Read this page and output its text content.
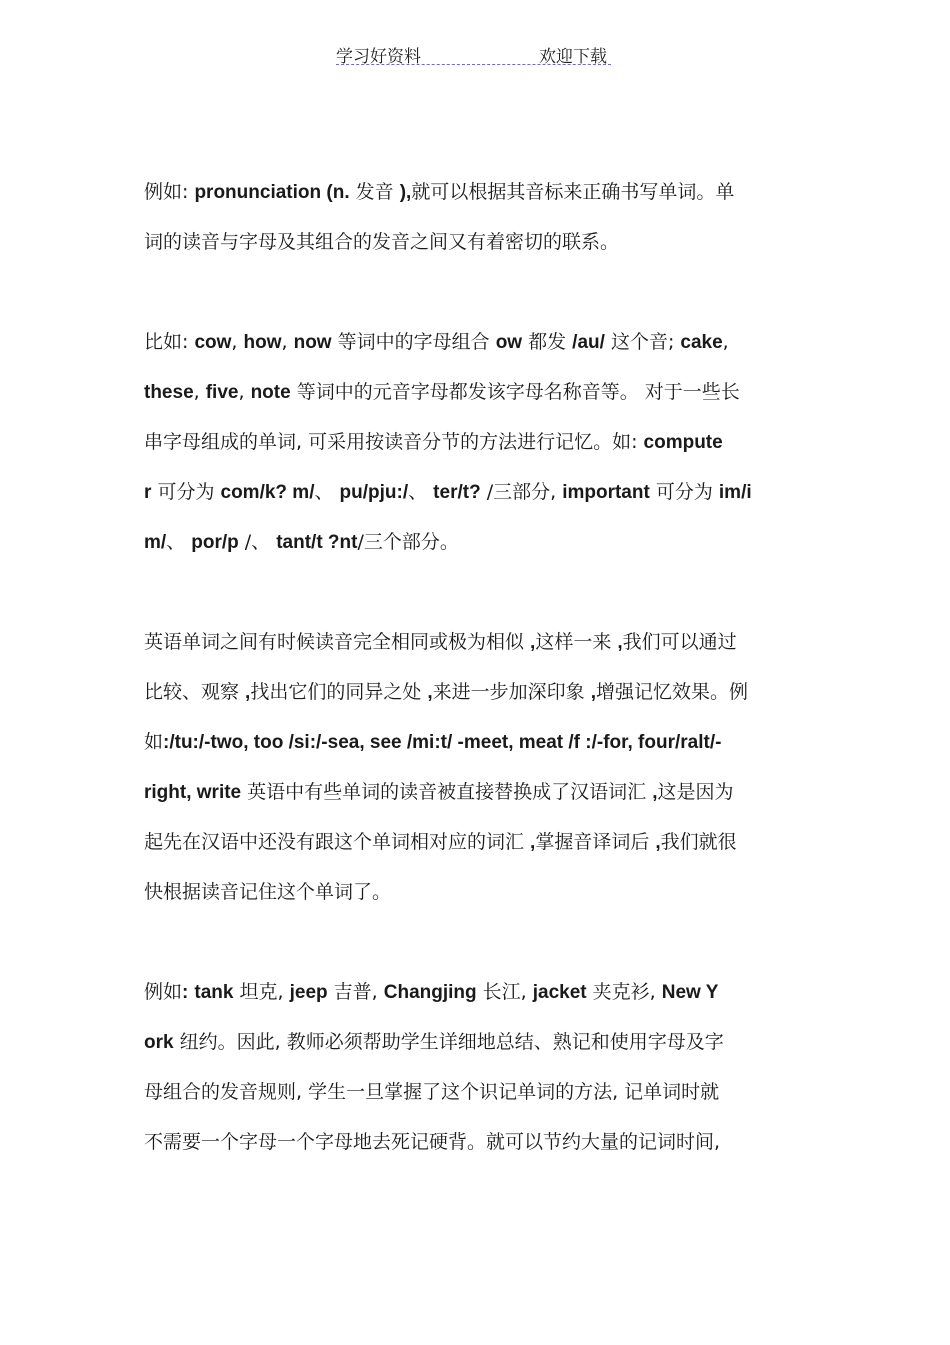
学习好资料	欢迎下载

例如: pronunciation (n. 发音 ),就可以根据其音标来正确书写单词。单
词的读音与字母及其组合的发音之间又有着密切的联系。

比如: cow, how, now 等词中的字母组合 ow 都发 /au/ 这个音; cake,
these, five, note 等词中的元音字母都发该字母名称音等。 对于一些长
串字母组成的单词, 可采用按读音分节的方法进行记忆。如: compute
r 可分为 com/k? m/、 pu/pju:/、 ter/t? /三部分, important 可分为 im/i
m/、 por/p /、 tant/t ?nt/三个部分。

英语单词之间有时候读音完全相同或极为相似 ,这样一来 ,我们可以通过
比较、观察 ,找出它们的同异之处 ,来进一步加深印象 ,增强记忆效果。例
如:/tu:/-two, too /si:/-sea, see /mi:t/ -meet, meat /f :/-for, four/ralt/-
right, write 英语中有些单词的读音被直接替换成了汉语词汇 ,这是因为
起先在汉语中还没有跟这个单词相对应的词汇 ,掌握音译词后 ,我们就很
快根据读音记住这个单词了。

例如: tank 坦克, jeep 吉普, Changjing 长江, jacket 夹克衫, New Y
ork 纽约。因此, 教师必须帮助学生详细地总结、熟记和使用字母及字
母组合的发音规则, 学生一旦掌握了这个识记单词的方法, 记单词时就
不需要一个字母一个字母地去死记硬背。就可以节约大量的记词时间,
